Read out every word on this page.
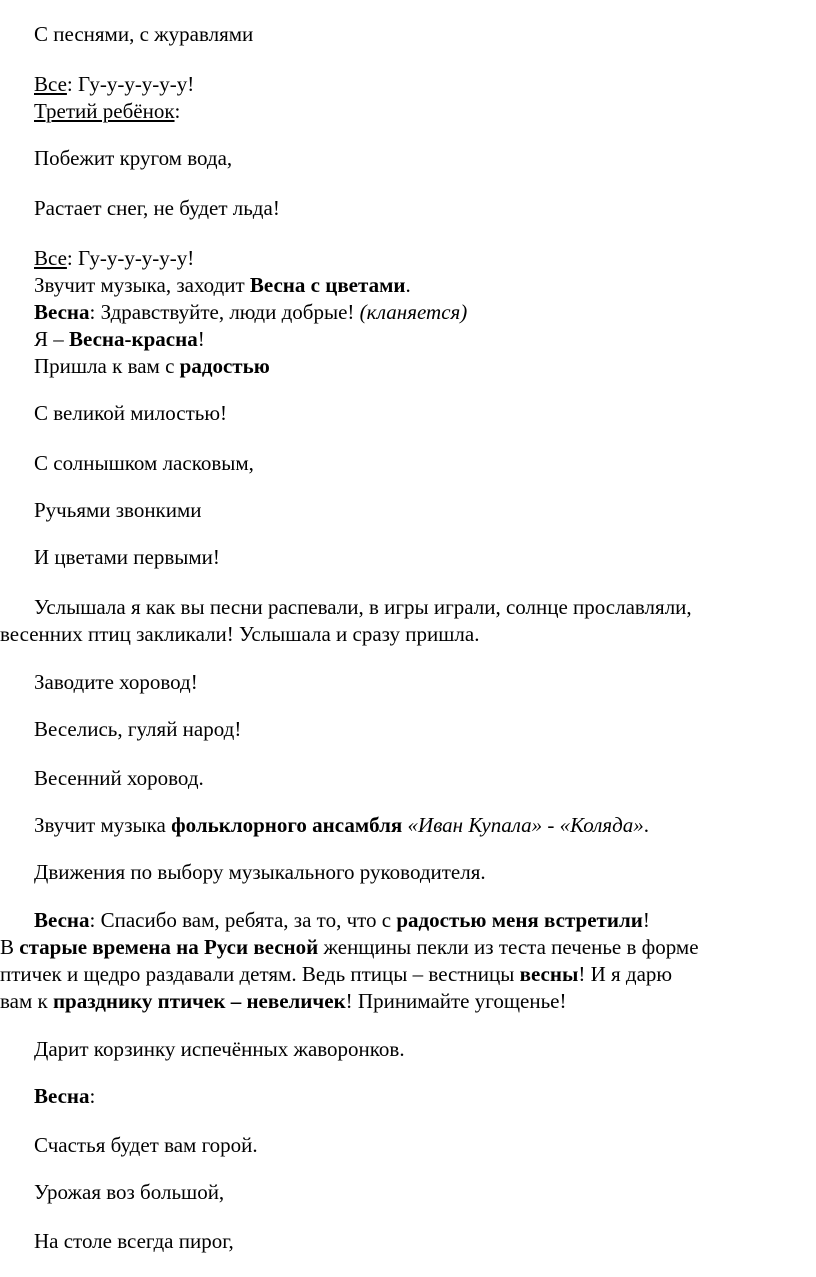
С песнями, с журавлями
Все: Гу-у-у-у-у-у!
Третий ребёнок:
Побежит кругом вода,
Растает снег, не будет льда!
Все: Гу-у-у-у-у-у!
Звучит музыка, заходит Весна с цветами.
Весна: Здравствуйте, люди добрые! (кланяется)
Я – Весна-красна!
Пришла к вам с радостью
С великой милостью!
С солнышком ласковым,
Ручьями звонкими
И цветами первыми!
Услышала я как вы песни распевали, в игры играли, солнце прославляли,
весенних птиц закликали! Услышала и сразу пришла.
Заводите хоровод!
Веселись, гуляй народ!
Весенний хоровод.
Звучит музыка фольклорного ансамбля «Иван Купала» - «Коляда».
Движения по выбору музыкального руководителя.
Весна: Спасибо вам, ребята, за то, что с радостью меня встретили!
В старые времена на Руси весной женщины пекли из теста печенье в форме
птичек и щедро раздавали детям. Ведь птицы – вестницы весны! И я дарю
вам к празднику птичек – невеличек! Принимайте угощенье!
Дарит корзинку испечённых жаворонков.
Весна:
Счастья будет вам горой.
Урожая воз большой,
На столе всегда пирог,
